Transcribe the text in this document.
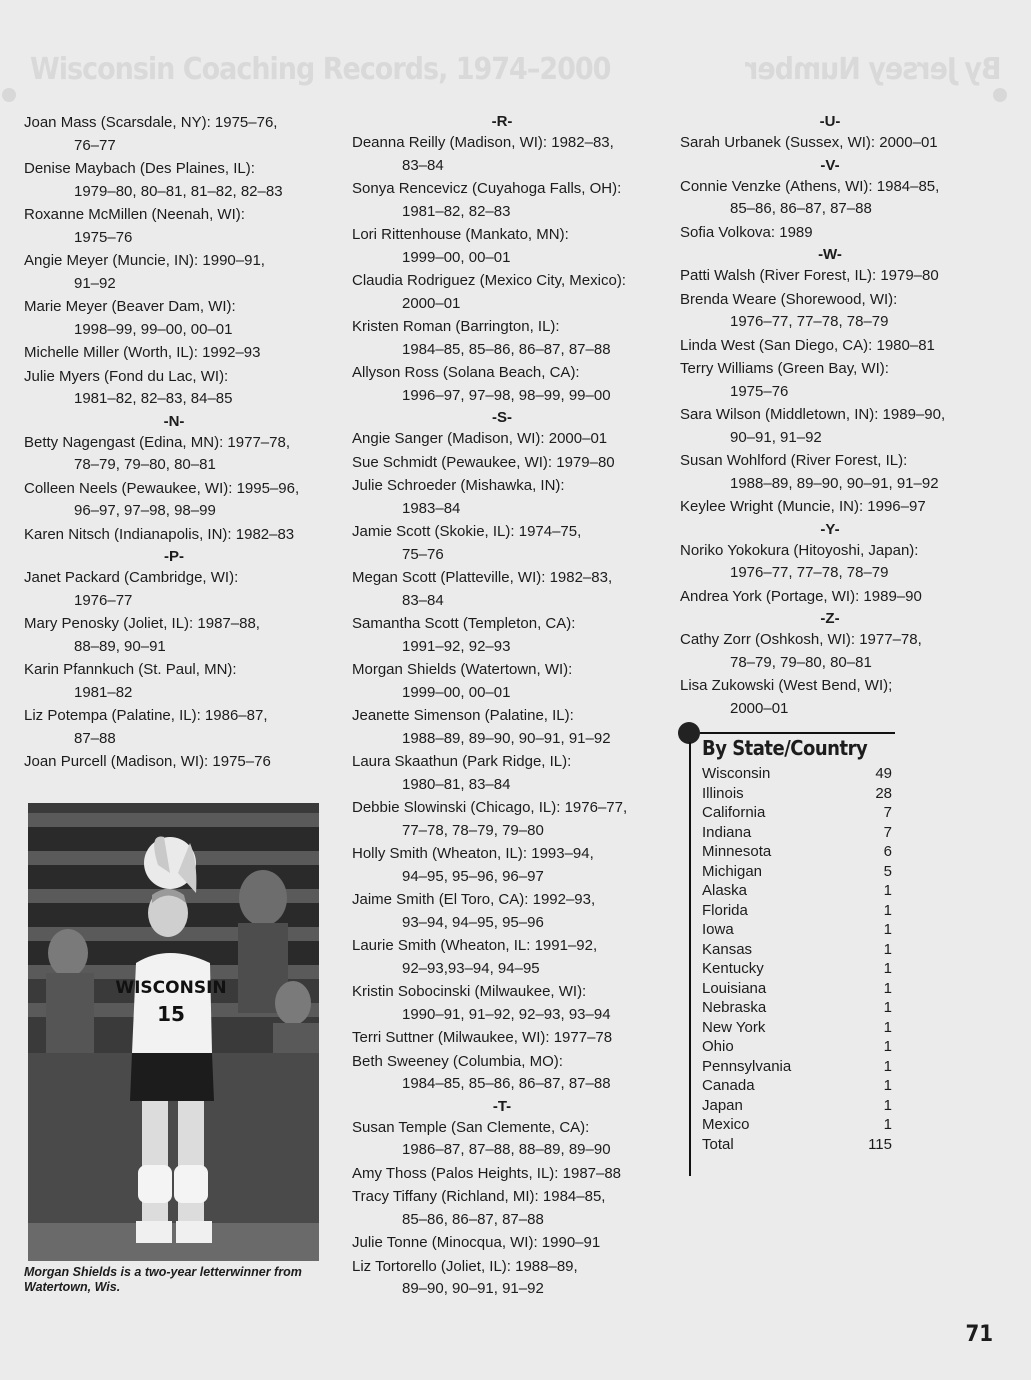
Wisconsin Coaching Records, 1974–2000	By Jersey Number
Joan Mass (Scarsdale, NY): 1975–76,
76–77
Denise Maybach (Des Plaines, IL):
1979–80, 80–81, 81–82, 82–83
Roxanne McMillen (Neenah, WI):
1975–76
Angie Meyer (Muncie, IN): 1990–91,
91–92
Marie Meyer (Beaver Dam, WI):
1998–99, 99–00, 00–01
Michelle Miller (Worth, IL): 1992–93
Julie Myers (Fond du Lac, WI):
1981–82, 82–83, 84–85
-N-
Betty Nagengast (Edina, MN): 1977–78,
78–79, 79–80, 80–81
Colleen Neels (Pewaukee, WI): 1995–96,
96–97, 97–98, 98–99
Karen Nitsch (Indianapolis, IN): 1982–83
-P-
Janet Packard (Cambridge, WI):
1976–77
Mary Penosky (Joliet, IL): 1987–88,
88–89, 90–91
Karin Pfannkuch (St. Paul, MN):
1981–82
Liz Potempa (Palatine, IL): 1986–87,
87–88
Joan Purcell (Madison, WI): 1975–76
-R-
Deanna Reilly (Madison, WI): 1982–83,
83–84
Sonya Rencevicz (Cuyahoga Falls, OH):
1981–82, 82–83
Lori Rittenhouse (Mankato, MN):
1999–00, 00–01
Claudia Rodriguez (Mexico City, Mexico):
2000–01
Kristen Roman (Barrington, IL):
1984–85, 85–86, 86–87, 87–88
Allyson Ross (Solana Beach, CA):
1996–97, 97–98, 98–99, 99–00
-S-
Angie Sanger (Madison, WI): 2000–01
Sue Schmidt (Pewaukee, WI): 1979–80
Julie Schroeder (Mishawka, IN):
1983–84
Jamie Scott (Skokie, IL): 1974–75,
75–76
Megan Scott (Platteville, WI): 1982–83,
83–84
Samantha Scott (Templeton, CA):
1991–92, 92–93
Morgan Shields (Watertown, WI):
1999–00, 00–01
Jeanette Simenson (Palatine, IL):
1988–89, 89–90, 90–91, 91–92
Laura Skaathun (Park Ridge, IL):
1980–81, 83–84
Debbie Slowinski (Chicago, IL): 1976–77,
77–78, 78–79, 79–80
Holly Smith (Wheaton, IL): 1993–94,
94–95, 95–96, 96–97
Jaime Smith (El Toro, CA): 1992–93,
93–94, 94–95, 95–96
Laurie Smith (Wheaton, IL: 1991–92,
92–93,93–94, 94–95
Kristin Sobocinski (Milwaukee, WI):
1990–91, 91–92, 92–93, 93–94
Terri Suttner (Milwaukee, WI): 1977–78
Beth Sweeney (Columbia, MO):
1984–85, 85–86, 86–87, 87–88
-T-
Susan Temple (San Clemente, CA):
1986–87, 87–88, 88–89, 89–90
Amy Thoss (Palos Heights, IL): 1987–88
Tracy Tiffany (Richland, MI): 1984–85,
85–86, 86–87, 87–88
Julie Tonne (Minocqua, WI): 1990–91
Liz Tortorello (Joliet, IL): 1988–89,
89–90, 90–91, 91–92
-U-
Sarah Urbanek (Sussex, WI): 2000–01
-V-
Connie Venzke (Athens, WI): 1984–85,
85–86, 86–87, 87–88
Sofia Volkova: 1989
-W-
Patti Walsh (River Forest, IL): 1979–80
Brenda Weare (Shorewood, WI):
1976–77, 77–78, 78–79
Linda West (San Diego, CA): 1980–81
Terry Williams (Green Bay, WI):
1975–76
Sara Wilson (Middletown, IN): 1989–90,
90–91, 91–92
Susan Wohlford (River Forest, IL):
1988–89, 89–90, 90–91, 91–92
Keylee Wright (Muncie, IN): 1996–97
-Y-
Noriko Yokokura (Hitoyoshi, Japan):
1976–77, 77–78, 78–79
Andrea York (Portage, WI): 1989–90
-Z-
Cathy Zorr (Oshkosh, WI): 1977–78,
78–79, 79–80, 80–81
Lisa Zukowski (West Bend, WI);
2000–01
WISCONSIN
15
Morgan Shields is a two-year letterwinner from Watertown, Wis.
By State/Country
Wisconsin	49
Illinois	28
California	7
Indiana	7
Minnesota	6
Michigan	5
Alaska	1
Florida	1
Iowa	1
Kansas	1
Kentucky	1
Louisiana	1
Nebraska	1
New York	1
Ohio	1
Pennsylvania	1
Canada	1
Japan	1
Mexico	1
Total	115
71
